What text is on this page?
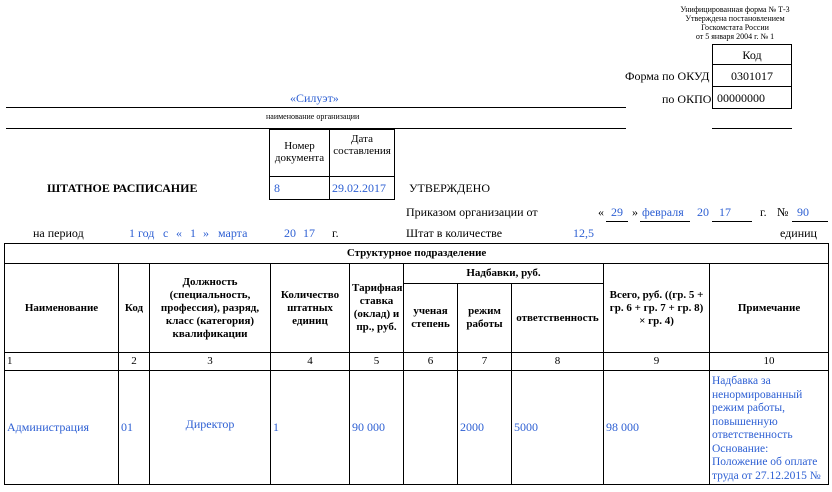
Унифицированная форма № Т-3
Утверждена постановлением
Госкомстата России
от 5 января 2004 г. № 1
Код
Форма по ОКУД	0301017
по ОКПО 00000000
«Силуэт»
наименование организации
Номер документа
Дата составления
8	29.02.2017
ШТАТНОЕ РАСПИСАНИЕ	УТВЕРЖДЕНО
Приказом организации от	« 29 » февраля 20 17	г. № 90
на период	1 год с « 1 » марта	20 17 г.	Штат в количестве	12,5	единиц
Структурное подразделение									
Наименование	Код	Должность (специальность, профессия), разряд, класс (категория) квалификации	Количество штатных единиц	Тарифная ставка (оклад) и пр., руб.	Надбавки, руб.			Всего, руб. ((гр. 5 + гр. 6 + гр. 7 + гр. 8) × гр. 4)	Примечание
					ученая степень	режим работы	ответственность		
1	2	3	4	5	6	7	8	9	10
Администрация	01	Директор	1	90 000		2000	5000	98 000	Надбавка за ненормированный режим работы, повышенную ответственность Основание: Положение об оплате труда от 27.12.2015 №
